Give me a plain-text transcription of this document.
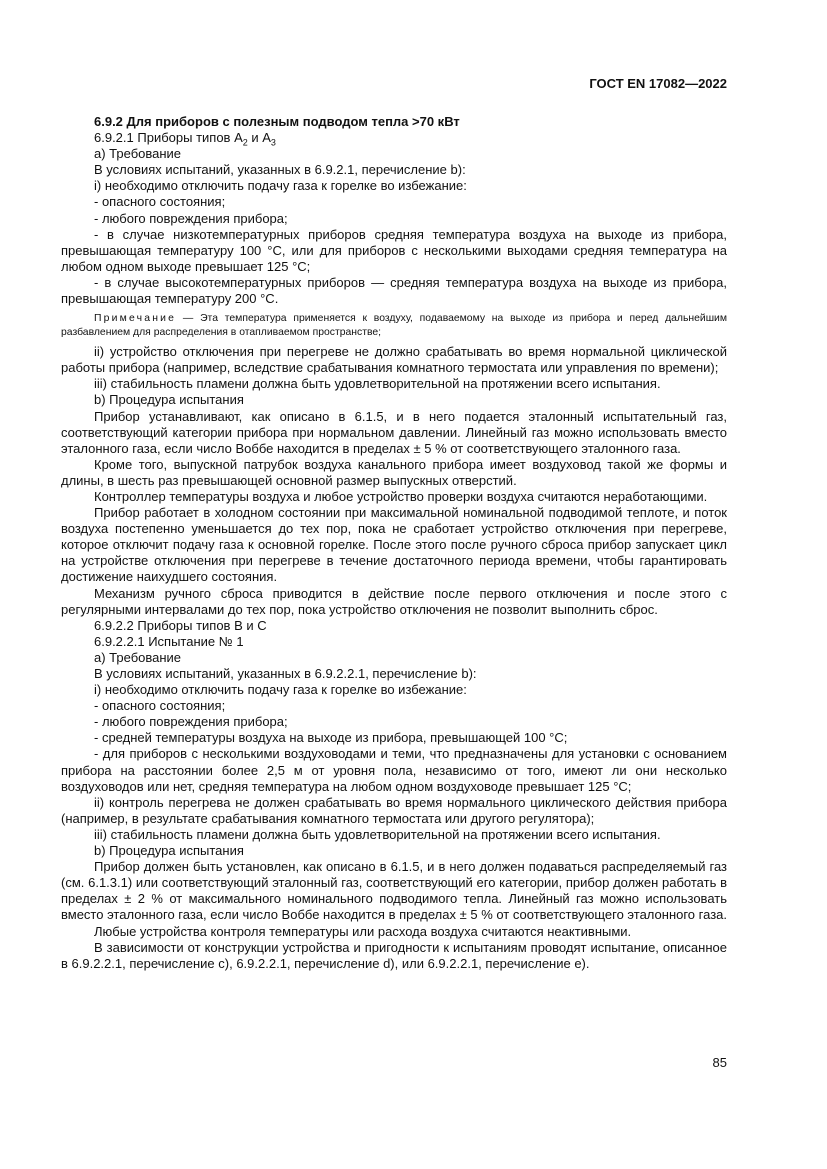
ГОСТ EN 17082—2022

6.9.2 Для приборов с полезным подводом тепла >70 кВт

6.9.2.1 Приборы типов $A_2$ и $A_3$

а) Требование

В условиях испытаний, указанных в 6.9.2.1, перечисление b):

i) необходимо отключить подачу газа к горелке во избежание:

- опасного состояния;

- любого повреждения прибора;

- в случае низкотемпературных приборов средняя температура воздуха на выходе из прибора, превышающая температуру 100 °C, или для приборов с несколькими выходами средняя температура на любом одном выходе превышает 125 °C;

- в случае высокотемпературных приборов — средняя температура воздуха на выходе из прибора, превышающая температуру 200 °C.

Примечание — Эта температура применяется к воздуху, подаваемому на выходе из прибора и перед дальнейшим разбавлением для распределения в отапливаемом пространстве;

ii) устройство отключения при перегреве не должно срабатывать во время нормальной циклической работы прибора (например, вследствие срабатывания комнатного термостата или управления по времени);

iii) стабильность пламени должна быть удовлетворительной на протяжении всего испытания.

b) Процедура испытания

Прибор устанавливают, как описано в 6.1.5, и в него подается эталонный испытательный газ, соответствующий категории прибора при нормальном давлении. Линейный газ можно использовать вместо эталонного газа, если число Воббе находится в пределах ± 5 % от соответствующего эталонного газа.

Кроме того, выпускной патрубок воздуха канального прибора имеет воздуховод такой же формы и длины, в шесть раз превышающей основной размер выпускных отверстий.

Контроллер температуры воздуха и любое устройство проверки воздуха считаются неработающими.

Прибор работает в холодном состоянии при максимальной номинальной подводимой теплоте, и поток воздуха постепенно уменьшается до тех пор, пока не сработает устройство отключения при перегреве, которое отключит подачу газа к основной горелке. После этого после ручного сброса прибор запускает цикл на устройстве отключения при перегреве в течение достаточного периода времени, чтобы гарантировать достижение наихудшего состояния.

Механизм ручного сброса приводится в действие после первого отключения и после этого с регулярными интервалами до тех пор, пока устройство отключения не позволит выполнить сброс.

6.9.2.2 Приборы типов В и С

6.9.2.2.1 Испытание № 1

а) Требование

В условиях испытаний, указанных в 6.9.2.2.1, перечисление b):

i) необходимо отключить подачу газа к горелке во избежание:

- опасного состояния;

- любого повреждения прибора;

- средней температуры воздуха на выходе из прибора, превышающей 100 °C;

- для приборов с несколькими воздуховодами и теми, что предназначены для установки с основанием прибора на расстоянии более 2,5 м от уровня пола, независимо от того, имеют ли они несколько воздуховодов или нет, средняя температура на любом одном воздуховоде превышает 125 °C;

ii) контроль перегрева не должен срабатывать во время нормального циклического действия прибора (например, в результате срабатывания комнатного термостата или другого регулятора);

iii) стабильность пламени должна быть удовлетворительной на протяжении всего испытания.

b) Процедура испытания

Прибор должен быть установлен, как описано в 6.1.5, и в него должен подаваться распределяемый газ (см. 6.1.3.1) или соответствующий эталонный газ, соответствующий его категории, прибор должен работать в пределах ± 2 % от максимального номинального подводимого тепла. Линейный газ можно использовать вместо эталонного газа, если число Воббе находится в пределах ± 5 % от соответствующего эталонного газа.

Любые устройства контроля температуры или расхода воздуха считаются неактивными.

В зависимости от конструкции устройства и пригодности к испытаниям проводят испытание, описанное в 6.9.2.2.1, перечисление c), 6.9.2.2.1, перечисление d), или 6.9.2.2.1, перечисление e).

85
